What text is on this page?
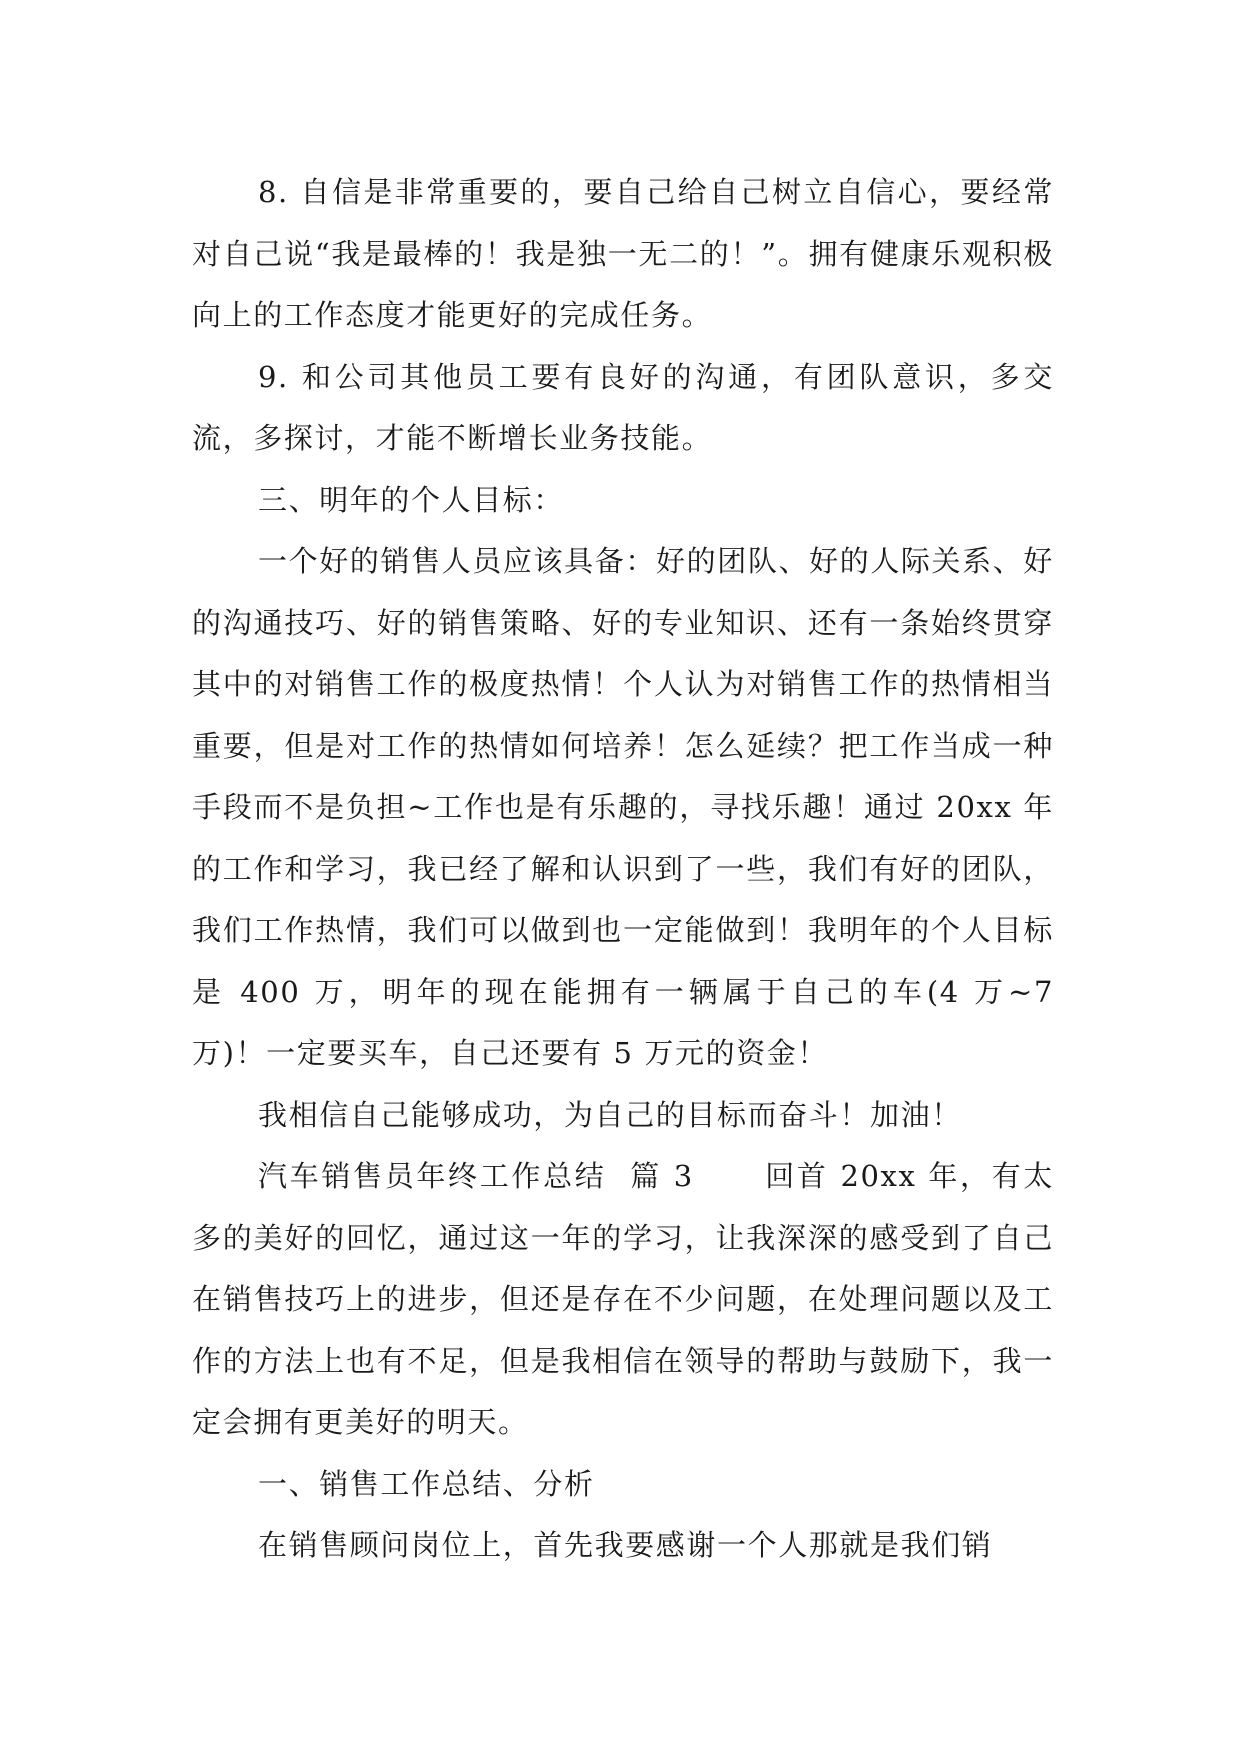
8. 自信是非常重要的，要自己给自己树立自信心，要经常对自己说“我是最棒的！我是独一无二的！”。拥有健康乐观积极向上的工作态度才能更好的完成任务。

9. 和公司其他员工要有良好的沟通，有团队意识，多交流，多探讨，才能不断增长业务技能。

三、明年的个人目标：

一个好的销售人员应该具备：好的团队、好的人际关系、好的沟通技巧、好的销售策略、好的专业知识、还有一条始终贯穿其中的对销售工作的极度热情！个人认为对销售工作的热情相当重要，但是对工作的热情如何培养！怎么延续？把工作当成一种手段而不是负担~工作也是有乐趣的，寻找乐趣！通过 20xx 年的工作和学习，我已经了解和认识到了一些，我们有好的团队，我们工作热情，我们可以做到也一定能做到！我明年的个人目标是 400 万，明年的现在能拥有一辆属于自己的车(4 万~7 万)！一定要买车，自己还要有 5 万元的资金！

我相信自己能够成功，为自己的目标而奋斗！加油！

汽车销售员年终工作总结  篇 3      回首 20xx 年，有太多的美好的回忆，通过这一年的学习，让我深深的感受到了自己在销售技巧上的进步，但还是存在不少问题，在处理问题以及工作的方法上也有不足，但是我相信在领导的帮助与鼓励下，我一定会拥有更美好的明天。

一、销售工作总结、分析

在销售顾问岗位上，首先我要感谢一个人那就是我们销
